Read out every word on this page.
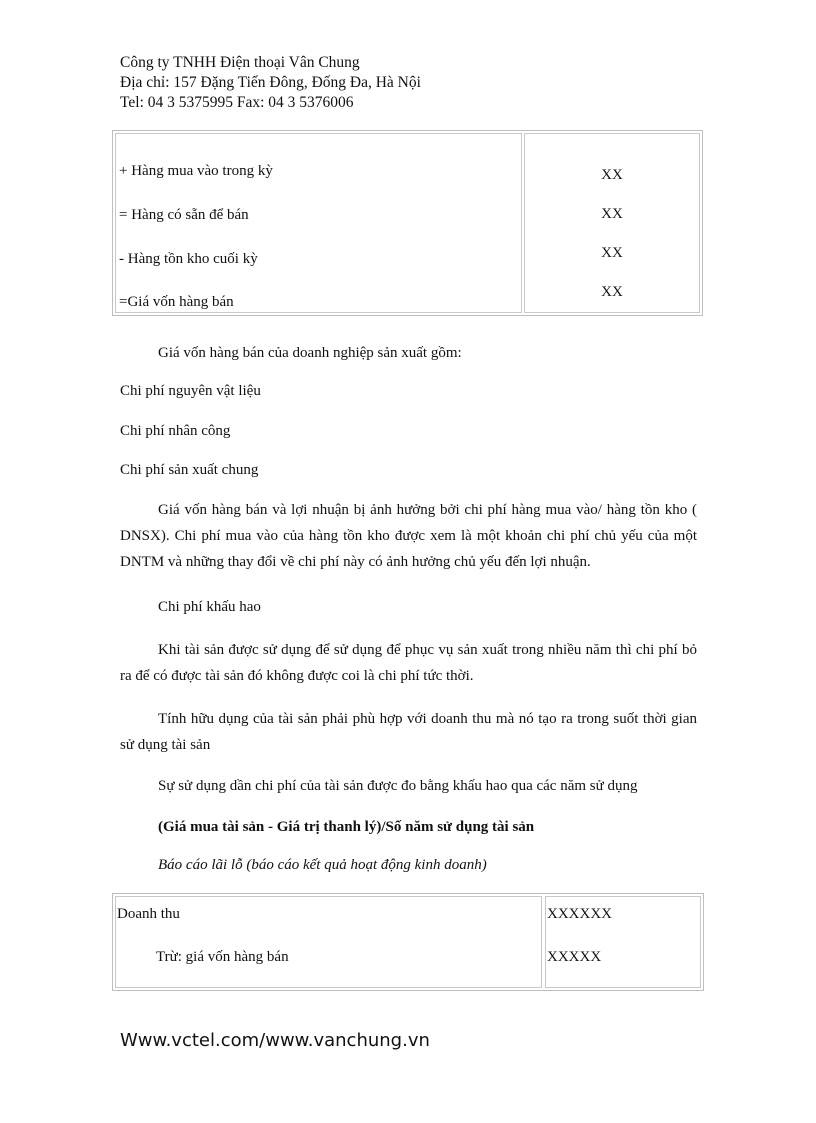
Công ty TNHH Điện thoại Vân Chung
Địa chỉ: 157 Đặng Tiến Đông, Đống Đa, Hà Nội
Tel: 04 3 5375995 Fax: 04 3 5376006
+ Hàng mua vào trong kỳ
= Hàng có sẵn để bán
- Hàng tồn kho cuối kỳ
=Giá vốn hàng bán
XX
XX
XX
XX
Giá vốn hàng bán của doanh nghiệp sản xuất gồm:
Chi phí nguyên vật liệu
Chi phí nhân công
Chi phí sản xuất chung
Giá vốn hàng bán và lợi nhuận bị ảnh hưởng bởi chi phí hàng mua vào/ hàng tồn kho ( DNSX). Chi phí mua vào của hàng tồn kho được xem là một khoản chi phí chủ yếu của một DNTM và những thay đổi về chi phí này có ảnh hưởng chủ yếu đến lợi nhuận.
Chi phí khấu hao
Khi tài sản được sử dụng để sử dụng để phục vụ sản xuất trong nhiều năm thì chi phí bỏ ra để có được tài sản đó không được coi là chi phí tức thời.
Tính hữu dụng của tài sản phải phù hợp với doanh thu mà nó tạo ra trong suốt thời gian sử dụng tài sản
Sự sử dụng dần chi phí của tài sản được đo bằng khấu hao qua các năm sử dụng
(Giá mua tài sản - Giá trị thanh lý)/Số năm sử dụng tài sản
Báo cáo lãi lỗ (báo cáo kết quả hoạt động kinh doanh)
Doanh thu
Trừ: giá vốn hàng bán
XXXXXX
XXXXX
Www.vctel.com/www.vanchung.vn
